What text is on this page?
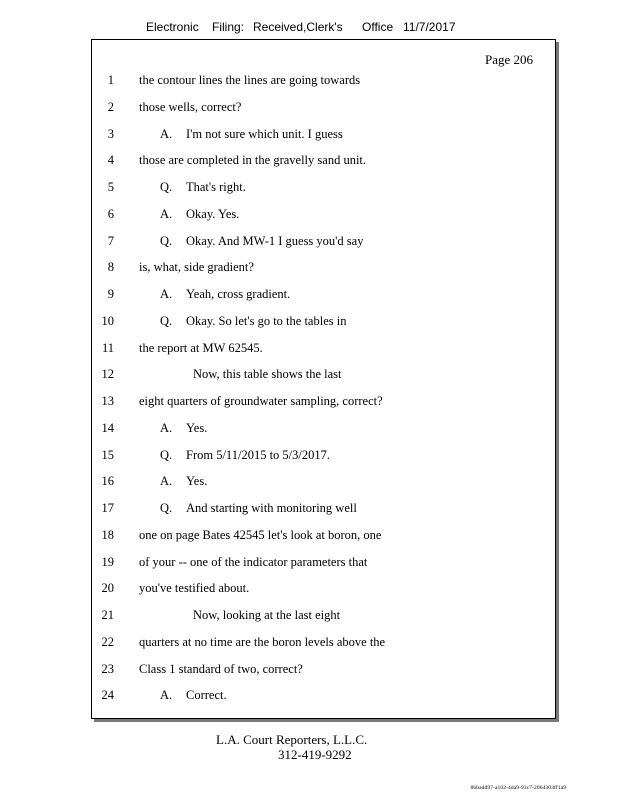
Electronic Filing: Received,Clerk's Office 11/7/2017
Page 206
1 the contour lines the lines are going towards
2 those wells, correct?
3	A. I'm not sure which unit. I guess
4 those are completed in the gravelly sand unit.
5	Q. That's right.
6	A. Okay. Yes.
7	Q. Okay. And MW-1 I guess you'd say
8 is, what, side gradient?
9	A. Yeah, cross gradient.
10	Q. Okay. So let's go to the tables in
11 the report at MW 62545.
12	Now, this table shows the last
13 eight quarters of groundwater sampling, correct?
14	A. Yes.
15	Q. From 5/11/2015 to 5/3/2017.
16	A. Yes.
17	Q. And starting with monitoring well
18 one on page Bates 42545 let's look at boron, one
19 of your -- one of the indicator parameters that
20 you've testified about.
21	Now, looking at the last eight
22 quarters at no time are the boron levels above the
23 Class 1 standard of two, correct?
24	A. Correct.
L.A. Court Reporters, L.L.C.
312-419-9292
8bbadd97-a102-4da9-93c7-2064303ff1a9
